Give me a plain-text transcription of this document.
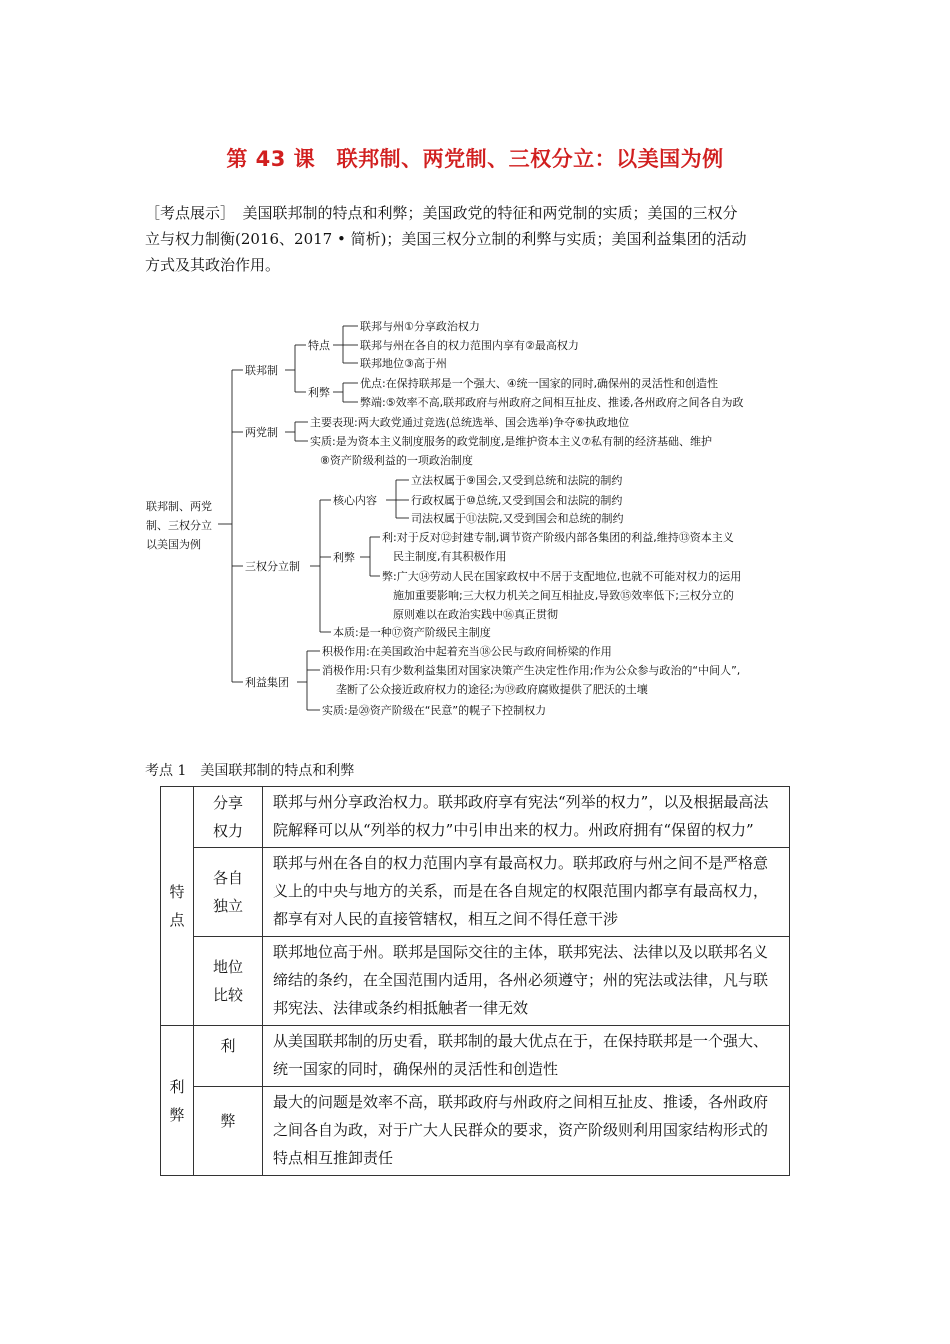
第 43 课　联邦制、两党制、三权分立：以美国为例

［考点展示］　美国联邦制的特点和利弊；美国政党的特征和两党制的实质；美国的三权分

立与权力制衡(2016、2017 • 简析)；美国三权分立制的利弊与实质；美国利益集团的活动

方式及其政治作用。

联邦制、两党
制、三权分立
以美国为例
联邦制
特点
利弊
联邦与州①分享政治权力
联邦与州在各自的权力范围内享有②最高权力
联邦地位③高于州
优点:在保持联邦是一个强大、④统一国家的同时,确保州的灵活性和创造性
弊端:⑤效率不高,联邦政府与州政府之间相互扯皮、推诿,各州政府之间各自为政
两党制
主要表现:两大政党通过竞选(总统选举、国会选举)争夺⑥执政地位
实质:是为资本主义制度服务的政党制度,是维护资本主义⑦私有制的经济基础、维护
⑧资产阶级利益的一项政治制度
三权分立制
核心内容
立法权属于⑨国会,又受到总统和法院的制约
行政权属于⑩总统,又受到国会和法院的制约
司法权属于⑪法院,又受到国会和总统的制约
利弊
利:对于反对⑫封建专制,调节资产阶级内部各集团的利益,维持⑬资本主义
民主制度,有其积极作用
弊:广大⑭劳动人民在国家政权中不居于支配地位,也就不可能对权力的运用
施加重要影响;三大权力机关之间互相扯皮,导致⑮效率低下;三权分立的
原则难以在政治实践中⑯真正贯彻
本质:是一种⑰资产阶级民主制度
利益集团
积极作用:在美国政治中起着充当⑱公民与政府间桥梁的作用
消极作用:只有少数利益集团对国家决策产生决定性作用;作为公众参与政治的“中间人”,
垄断了公众接近政府权力的途径;为⑲政府腐败提供了肥沃的土壤
实质:是⑳资产阶级在“民意”的幌子下控制权力
考点 1　美国联邦制的特点和利弊
特点	分享权力	联邦与州分享政治权力。联邦政府享有宪法“列举的权力”，以及根据最高法院解释可以从“列举的权力”中引申出来的权力。州政府拥有“保留的权力”

	各自独立	联邦与州在各自的权力范围内享有最高权力。联邦政府与州之间不是严格意义上的中央与地方的关系，而是在各自规定的权限范围内都享有最高权力，都享有对人民的直接管辖权，相互之间不得任意干涉

	地位比较	联邦地位高于州。联邦是国际交往的主体，联邦宪法、法律以及以联邦名义缔结的条约，在全国范围内适用，各州必须遵守；州的宪法或法律，凡与联邦宪法、法律或条约相抵触者一律无效

利弊	利	从美国联邦制的历史看，联邦制的最大优点在于，在保持联邦是一个强大、统一国家的同时，确保州的灵活性和创造性
	弊	最大的问题是效率不高，联邦政府与州政府之间相互扯皮、推诿，各州政府之间各自为政，对于广大人民群众的要求，资产阶级则利用国家结构形式的特点相互推卸责任
